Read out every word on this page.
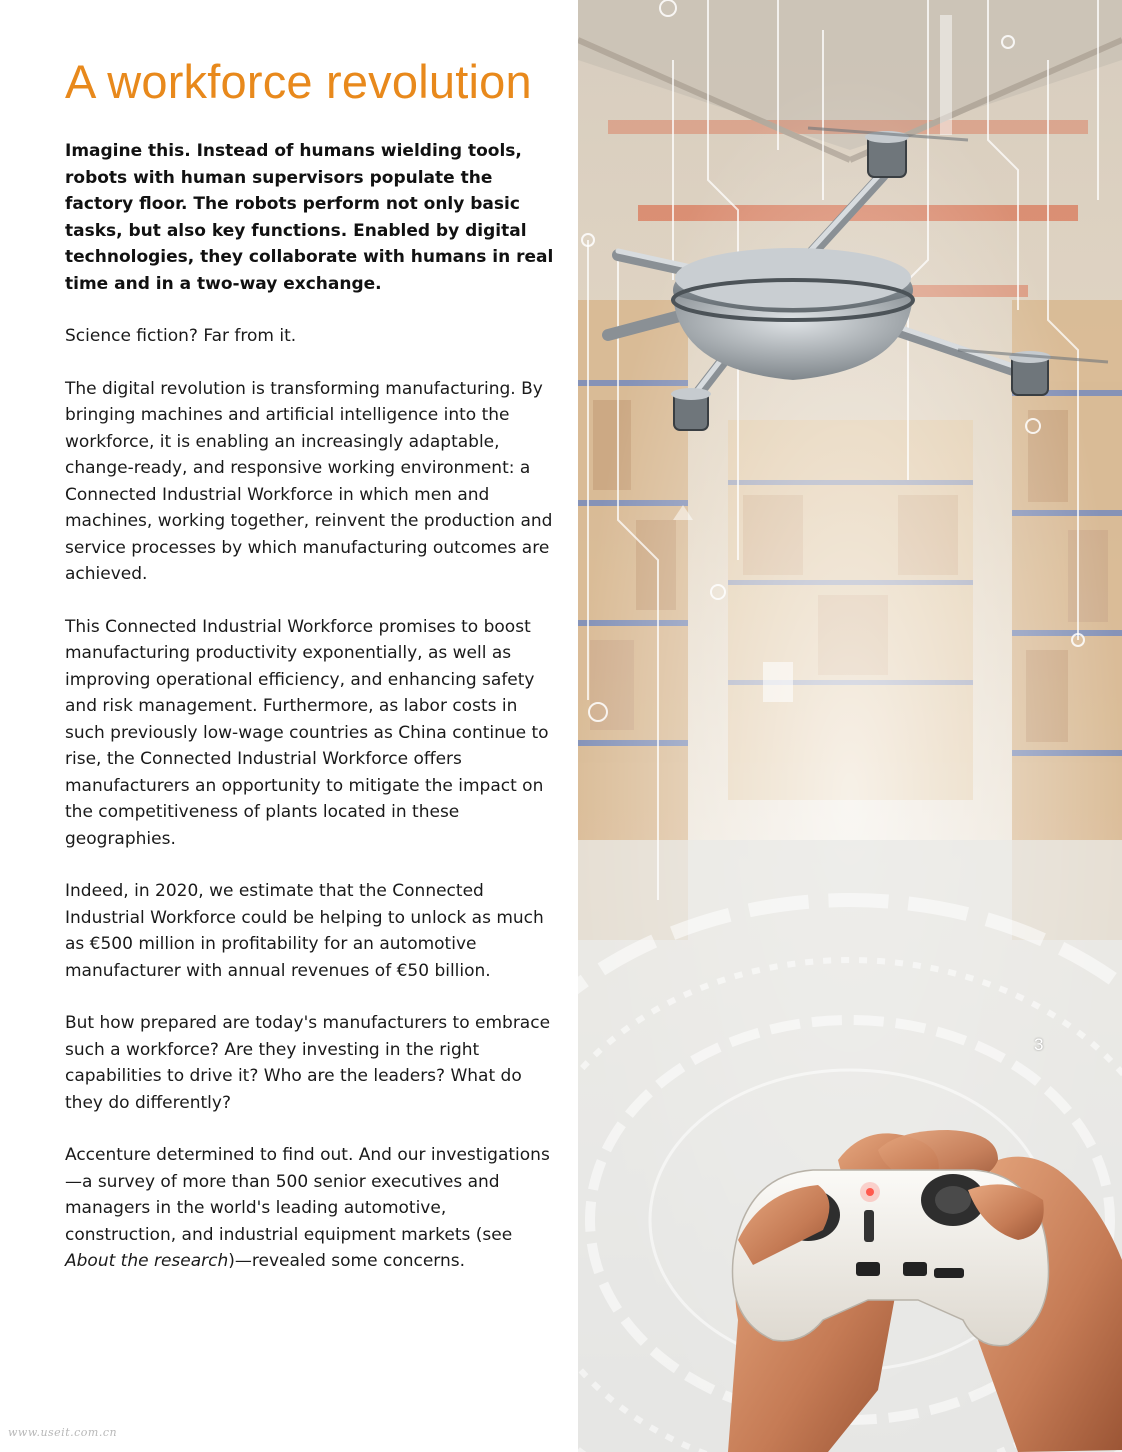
A workforce revolution

Imagine this. Instead of humans wielding tools, robots with human supervisors populate the factory floor. The robots perform not only basic tasks, but also key functions. Enabled by digital technologies, they collaborate with humans in real time and in a two-way exchange.

Science fiction? Far from it.

The digital revolution is transforming manufacturing. By bringing machines and artificial intelligence into the workforce, it is enabling an increasingly adaptable, change-ready, and responsive working environment: a Connected Industrial Workforce in which men and machines, working together, reinvent the production and service processes by which manufacturing outcomes are achieved.

This Connected Industrial Workforce promises to boost manufacturing productivity exponentially, as well as improving operational efficiency, and enhancing safety and risk management. Furthermore, as labor costs in such previously low-wage countries as China continue to rise, the Connected Industrial Workforce offers manufacturers an opportunity to mitigate the impact on the competitiveness of plants located in these geographies.

Indeed, in 2020, we estimate that the Connected Industrial Workforce could be helping to unlock as much as €500 million in profitability for an automotive manufacturer with annual revenues of €50 billion.

But how prepared are today's manufacturers to embrace such a workforce? Are they investing in the right capabilities to drive it? Who are the leaders? What do they do differently?

Accenture determined to find out. And our investigations—a survey of more than 500 senior executives and managers in the world's leading automotive, construction, and industrial equipment markets (see About the research)—revealed some concerns.

3
www.useit.com.cn
